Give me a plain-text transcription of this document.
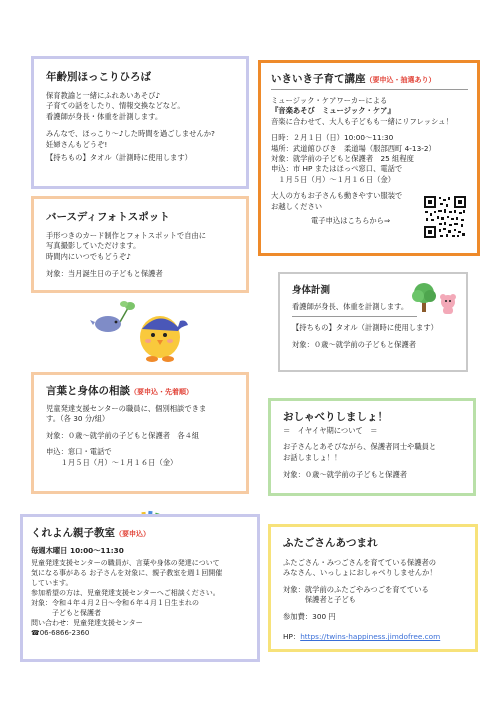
年齢別ほっこりひろば
保育教諭と一緒にふれあいあそび♪
子育ての話をしたり、情報交換などなど。
看護師が身長・体重を計測します。
みんなで、ほっこり～♪した時間を過ごしませんか?
妊婦さんもどうぞ!
【持ちもの】タオル（計測時に使用します）
いきいき子育て講座（要申込・抽選あり）
ミュージック・ケアワーカーによる
『音楽あそび　ミュージック・ケア』
音楽に合わせて、大人も子どもも一緒にリフレッシュ！
日時：２月１日（日）10:00～11:30
場所：武道館ひびき　柔道場（服部西町 4-13-2）
対象：就学前の子どもと保護者　25 組程度
申込：市 HP またはほっぺ窓口、電話で
　１月５日（月）～１月１６日（金）
大人の方もお子さんも動きやすい服装で
お越しください
電子申込はこちらから⇒
バースディフォトスポット
手形つきのカード制作とフォトスポットで自由に
写真撮影していただけます。
時間内にいつでもどうぞ♪
対象：当月誕生日の子どもと保護者
身体計測
看護師が身長、体重を計測します。
【持ちもの】タオル（計測時に使用します）
対象：０歳～就学前の子どもと保護者
言葉と身体の相談（要申込・先着順）
児童発達支援センターの職員に、個別相談できま
す。（各 30 分/組）
対象：０歳～就学前の子どもと保護者　各４組
申込：窓口・電話で
　　１月５日（月）～１月１６日（金）
おしゃべりしましょ！
＝　イヤイヤ期について　＝
お子さんとあそびながら、保護者同士や職員と
お話しましょ！！
対象：０歳～就学前の子どもと保護者
くれよん親子教室（要申込）
毎週木曜日 10:00～11:30
児童発達支援センターの職員が、言葉や身体の発達について
気になる事がある お子さんを対象に、親子教室を週１回開催
しています。
参加希望の方は、児童発達支援センターへご相談ください。
対象：令和４年４月２日～令和６年４月１日生まれの
　　　子どもと保護者
問い合わせ：児童発達支援センター
☎06-6866-2360
ふたごさんあつまれ
ふたごさん・みつごさんを育てている保護者の
みなさん、いっしょにおしゃべりしませんか！
対象：就学前のふたごやみつごを育てている
　　　保護者と子ども
参加費：300 円

HP：https://twins-happiness.jimdofree.com
